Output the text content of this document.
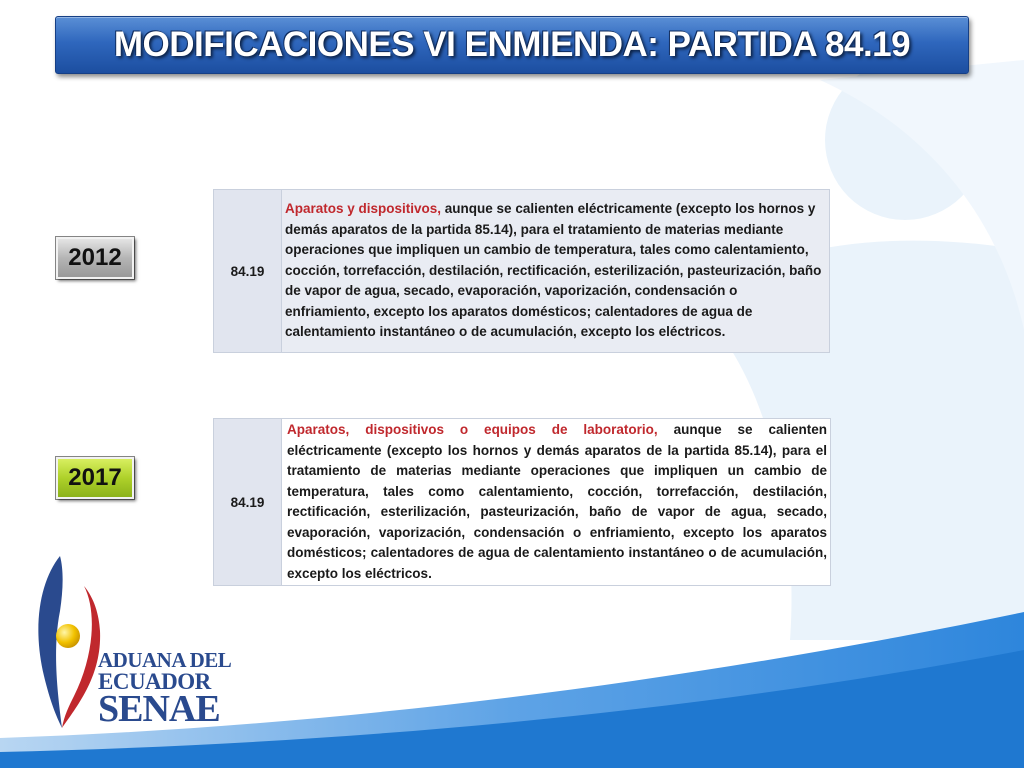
MODIFICACIONES VI ENMIENDA: PARTIDA 84.19
2012
2017
84.19	Aparatos y dispositivos, aunque se calienten eléctricamente (excepto los hornos y demás aparatos de la partida 85.14), para el tratamiento de materias mediante operaciones que impliquen un cambio de temperatura, tales como calentamiento, cocción, torrefacción, destilación, rectificación, esterilización, pasteurización, baño de vapor de agua, secado, evaporación, vaporización, condensación o enfriamiento, excepto los aparatos domésticos; calentadores de agua de calentamiento instantáneo o de acumulación, excepto los eléctricos.
84.19	Aparatos, dispositivos o equipos de laboratorio, aunque se calienten eléctricamente (excepto los hornos y demás aparatos de la partida 85.14), para el tratamiento de materias mediante operaciones que impliquen un cambio de temperatura, tales como calentamiento, cocción, torrefacción, destilación, rectificación, esterilización, pasteurización, baño de vapor de agua, secado, evaporación, vaporización, condensación o enfriamiento, excepto los aparatos domésticos; calentadores de agua de calentamiento instantáneo o de acumulación, excepto los eléctricos.
ADUANA DEL
ECUADOR
SENAE
